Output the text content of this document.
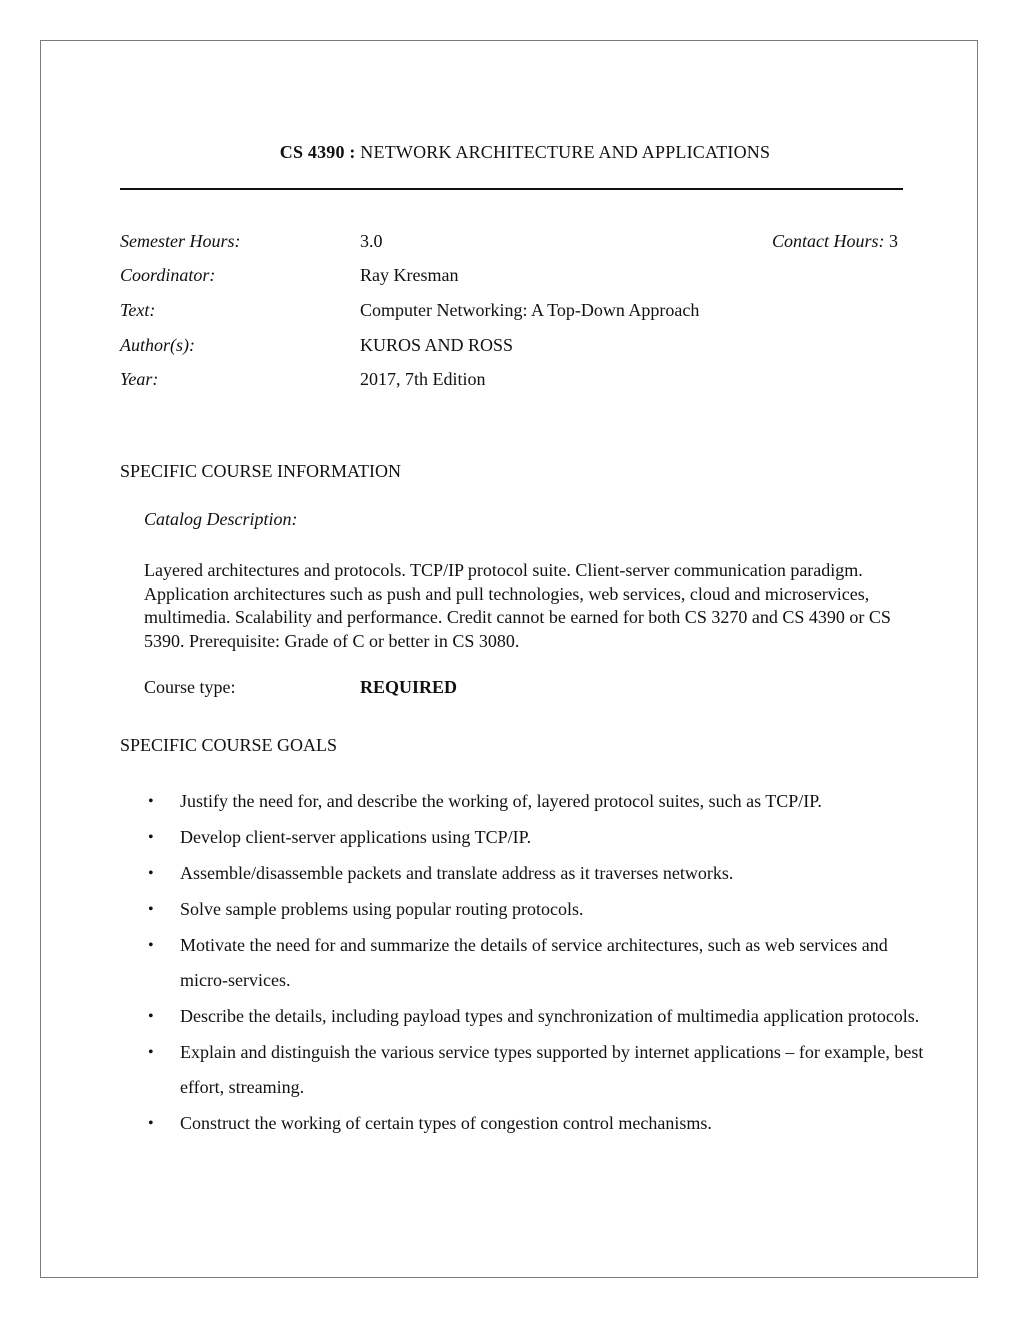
CS 4390 : NETWORK ARCHITECTURE AND APPLICATIONS
Semester Hours:	3.0	Contact Hours: 3
Coordinator:	Ray Kresman
Text:	Computer Networking: A Top-Down Approach
Author(s):	KUROS AND ROSS
Year:	2017, 7th Edition
SPECIFIC COURSE INFORMATION
Catalog Description:
Layered architectures and protocols. TCP/IP protocol suite. Client-server communication paradigm. Application architectures such as push and pull technologies, web services, cloud and microservices, multimedia. Scalability and performance. Credit cannot be earned for both CS 3270 and CS 4390 or CS 5390. Prerequisite: Grade of C or better in CS 3080.
Course type:	REQUIRED
SPECIFIC COURSE GOALS
• Justify the need for, and describe the working of, layered protocol suites, such as TCP/IP.
• Develop client-server applications using TCP/IP.
• Assemble/disassemble packets and translate address as it traverses networks.
• Solve sample problems using popular routing protocols.
• Motivate the need for and summarize the details of service architectures, such as web services and micro-services.
• Describe the details, including payload types and synchronization of multimedia application protocols.
• Explain and distinguish the various service types supported by internet applications – for example, best effort, streaming.
• Construct the working of certain types of congestion control mechanisms.
